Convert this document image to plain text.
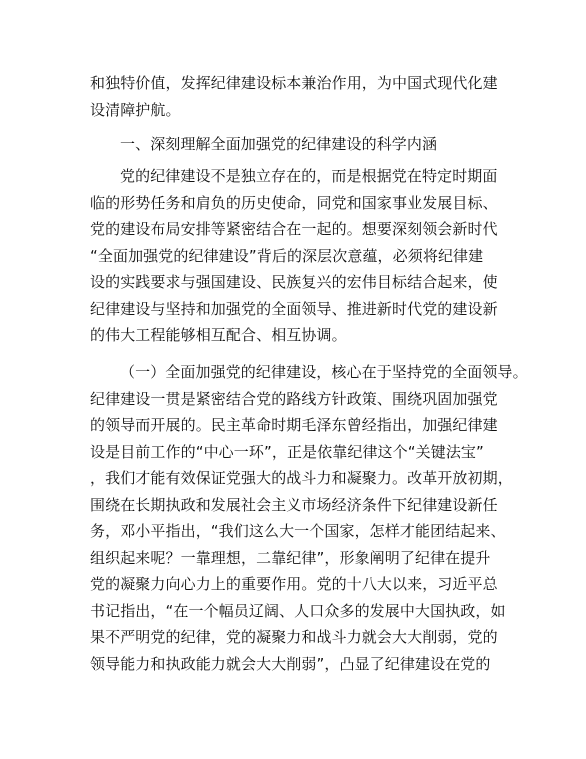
和独特价值，发挥纪律建设标本兼治作用，为中国式现代化建
设清障护航。
一、深刻理解全面加强党的纪律建设的科学内涵
党的纪律建设不是独立存在的，而是根据党在特定时期面
临的形势任务和肩负的历史使命，同党和国家事业发展目标、
党的建设布局安排等紧密结合在一起的。想要深刻领会新时代
“全面加强党的纪律建设”背后的深层次意蕴，必须将纪律建
设的实践要求与强国建设、民族复兴的宏伟目标结合起来，使
纪律建设与坚持和加强党的全面领导、推进新时代党的建设新
的伟大工程能够相互配合、相互协调。
（一）全面加强党的纪律建设，核心在于坚持党的全面领导。
纪律建设一贯是紧密结合党的路线方针政策、围绕巩固加强党
的领导而开展的。民主革命时期毛泽东曾经指出，加强纪律建
设是目前工作的“中心一环”，正是依靠纪律这个“关键法宝”
，我们才能有效保证党强大的战斗力和凝聚力。改革开放初期，
围绕在长期执政和发展社会主义市场经济条件下纪律建设新任
务，邓小平指出，“我们这么大一个国家，怎样才能团结起来、
组织起来呢？一靠理想，二靠纪律”，形象阐明了纪律在提升
党的凝聚力向心力上的重要作用。党的十八大以来，习近平总
书记指出，“在一个幅员辽阔、人口众多的发展中大国执政，如
果不严明党的纪律，党的凝聚力和战斗力就会大大削弱，党的
领导能力和执政能力就会大大削弱”，凸显了纪律建设在党的
